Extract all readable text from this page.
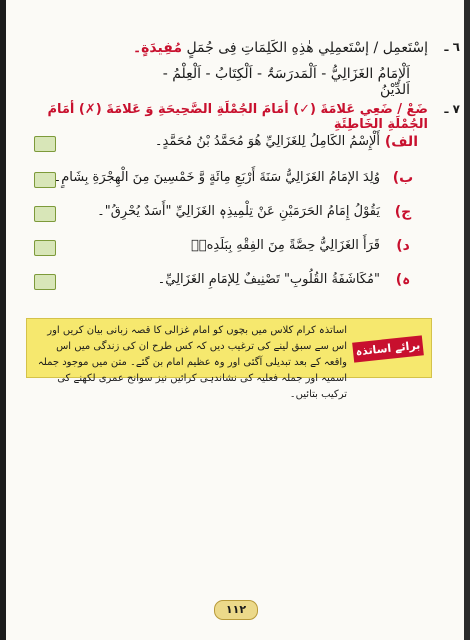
٦ ـ
إسْتَعمِل / إسْتَعمِلِي هٰذِهِ الكَلِمَاتِ فِی جُمَلٍ مُفِيدَةٍ۔
اَلْإمَامُ الغَزَالِيُّ - اَلْمَدرَسَۃُ - اَلْكِتَابُ - اَلْعِلْمُ - اَلدِّيْنُ
٧ ـ
ضَعْ / ضَعِي عَلامَةَ (✓) أمَامَ الجُمْلَةِ الصَّحِيحَةِ وَ عَلامَةَ (✗) أمَامَ الجُمْلَةِ الخَاطِئَةِ
أَلْإِسْمُ الكَامِلُ لِلغَزَالِيِّ هُوَ مُحَمَّدُ بْنُ مُحَمَّدٍ۔ الف)
وُلِدَ الإمَامُ الغَزَالِيُّ سَنَةَ أَرْبَعِ مِائَةٍ وَّ خَمْسِينَ مِنَ الْهِجْرَةِ بِشَامٍ۔ ب)
يَقُوْلُ إِمَامُ الحَرَمَيْنِ عَنْ تِلْمِيذِهٖ الغَزَالِيِّ "أَسَدٌ يُحْرِقُ"۔	ج)
قَرَأَ الغَزَالِيُّ حِصَّةً مِنَ الفِقْهِ بِبَلَدِهٖ۔	د)
"مُكَاشَفَةُ القُلُوبِ" تَصْنِيفٌ لِلإمَامِ الغَزَالِيِّ۔	ہ)
برائے اساتذہ
اساتذہ کرام کلاس میں بچوں کو امام غزالی کا قصہ زبانی بیان کریں اور اس سے سبق لینے کی ترغیب دیں کہ کس طرح ان کی زندگی میں اس واقعہ کے بعد تبدیلی آگئی اور وہ عظیم امام بن گئے۔ متن میں موجود جملہ اسمیہ اور جملہ فعلیہ کی نشاندہی کرائیں نیز سوانح عمری لکھنے کی ترکیب بتائیں۔
١١٢
